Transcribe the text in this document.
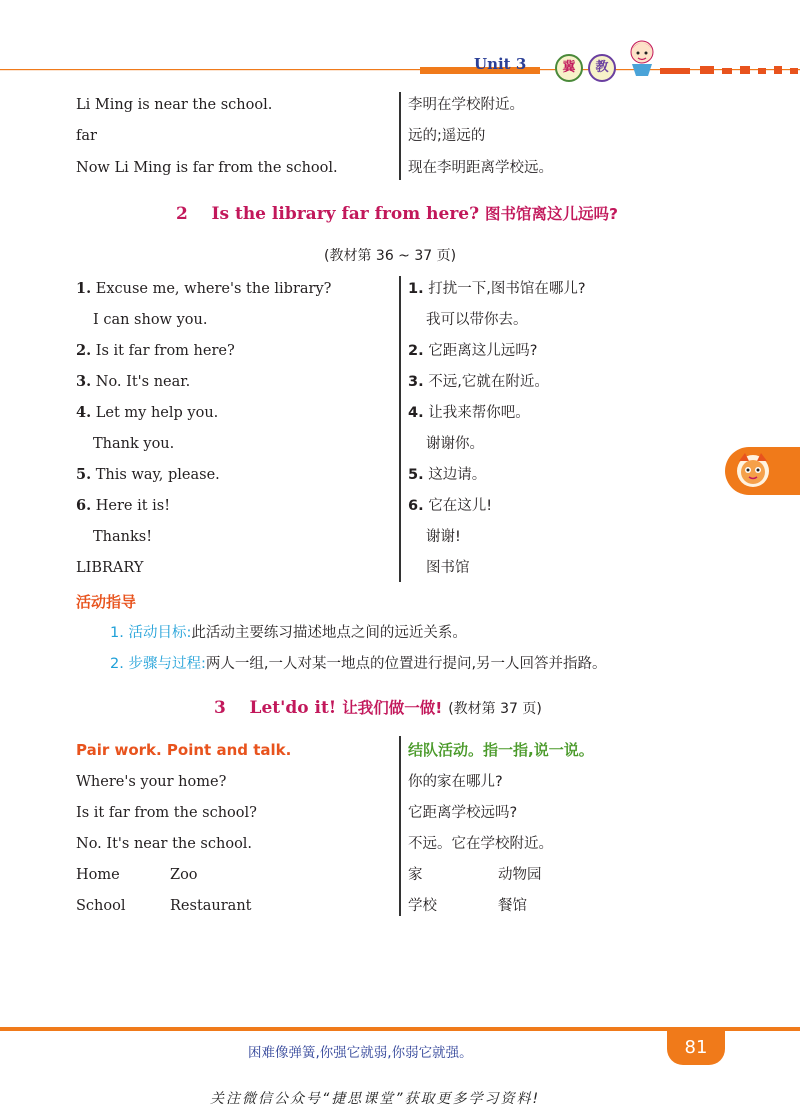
Unit 3	冀	教
Li Ming is near the school.	李明在学校附近。
far	远的;遥远的
Now Li Ming is far from the school.	现在李明距离学校远。
2 Is the library far from here? 图书馆离这儿远吗?
(教材第 36 ~ 37 页)
1. Excuse me, where's the library?	1. 打扰一下,图书馆在哪儿?
I can show you.	我可以带你去。
2. Is it far from here?	2. 它距离这儿远吗?
3. No. It's near.	3. 不远,它就在附近。
4. Let my help you.	4. 让我来帮你吧。
Thank you.	谢谢你。
5. This way, please.	5. 这边请。
6. Here it is!	6. 它在这儿!
Thanks!	谢谢!
LIBRARY	图书馆
活动指导
1. 活动目标:此活动主要练习描述地点之间的远近关系。
2. 步骤与过程:两人一组,一人对某一地点的位置进行提问,另一人回答并指路。
3 Let'do it! 让我们做一做! (教材第 37 页)
Pair work. Point and talk.	结队活动。指一指,说一说。
Where's your home?	你的家在哪儿?
Is it far from the school?	它距离学校远吗?
No. It's near the school.	不远。它在学校附近。
Home	Zoo	家	动物园
School	Restaurant	学校	餐馆
困难像弹簧,你强它就弱,你弱它就强。	81
关注微信公众号“捷思课堂”获取更多学习资料!
